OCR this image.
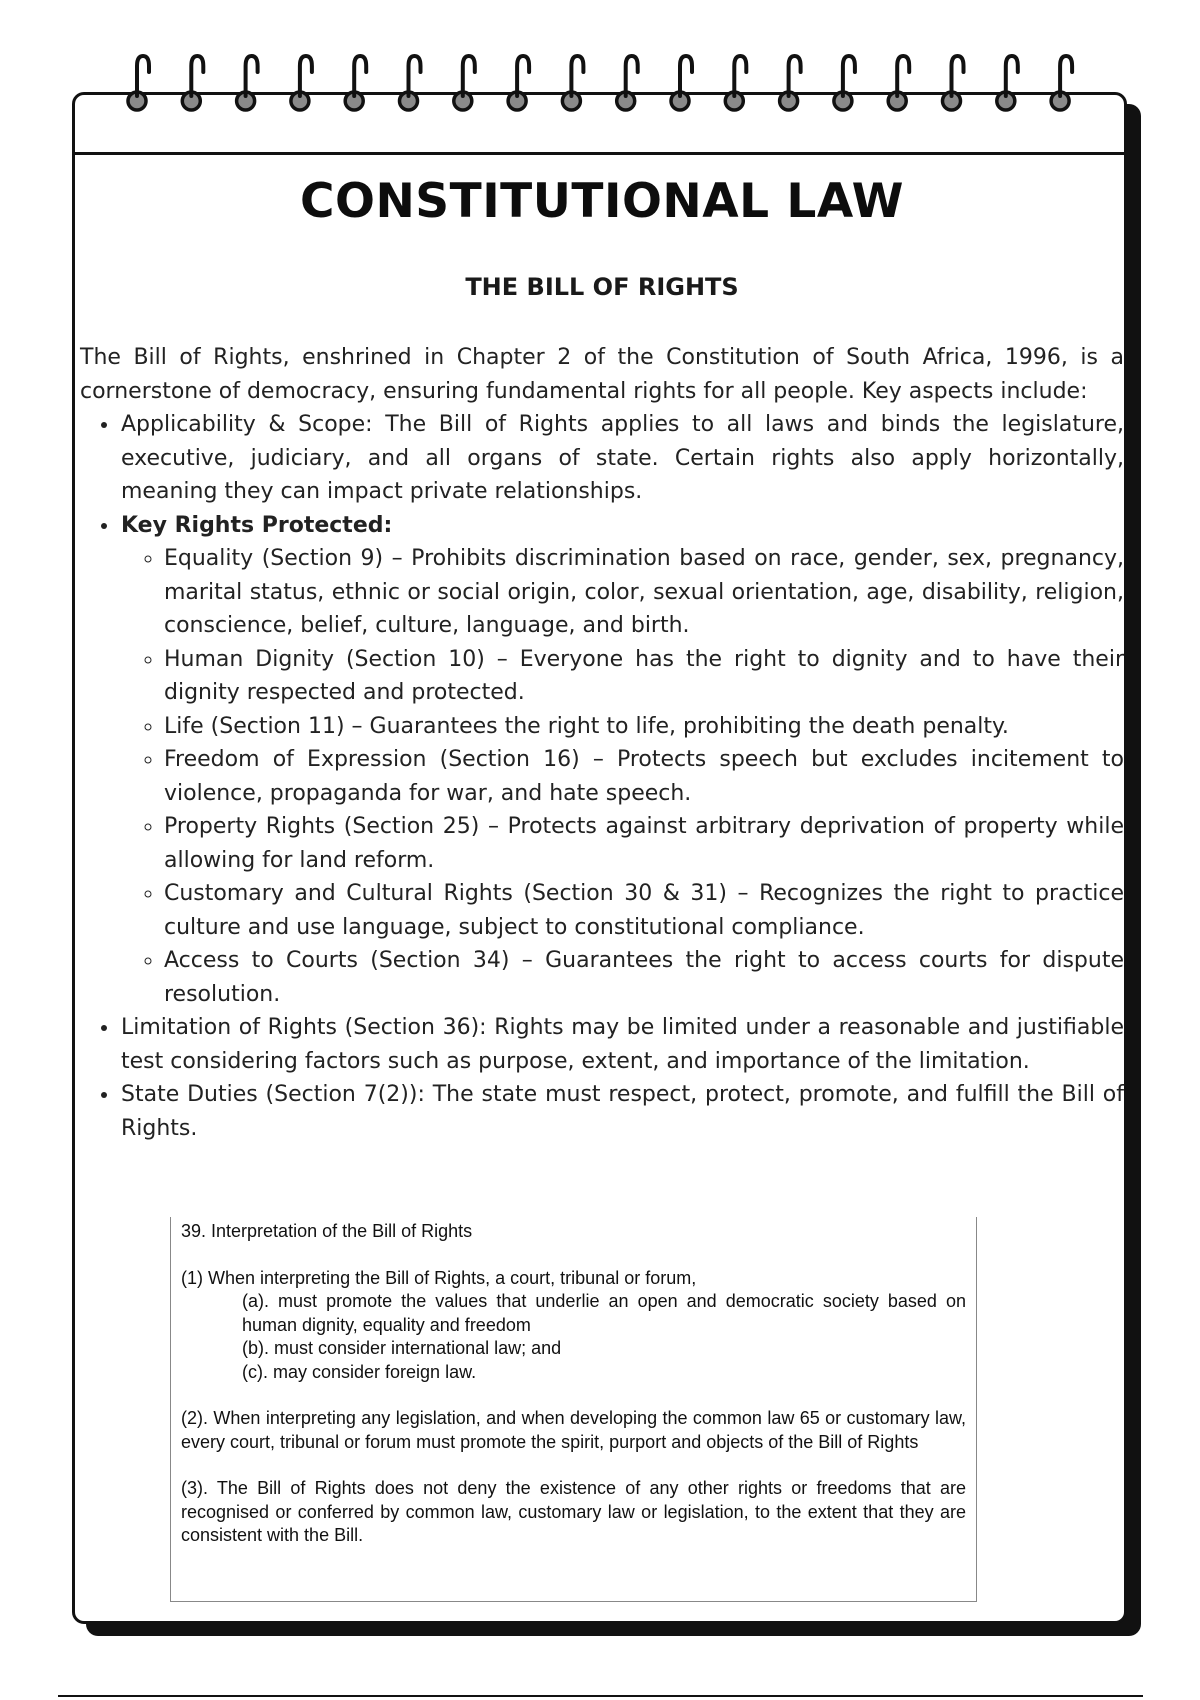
CONSTITUTIONAL LAW
THE BILL OF RIGHTS

The Bill of Rights, enshrined in Chapter 2 of the Constitution of South Africa, 1996, is a cornerstone of democracy, ensuring fundamental rights for all people. Key aspects include:

• Applicability & Scope: The Bill of Rights applies to all laws and binds the legislature, executive, judiciary, and all organs of state. Certain rights also apply horizontally, meaning they can impact private relationships.
• Key Rights Protected:
◦ Equality (Section 9) – Prohibits discrimination based on race, gender, sex, pregnancy, marital status, ethnic or social origin, color, sexual orientation, age, disability, religion, conscience, belief, culture, language, and birth.
◦ Human Dignity (Section 10) – Everyone has the right to dignity and to have their dignity respected and protected.
◦ Life (Section 11) – Guarantees the right to life, prohibiting the death penalty.
◦ Freedom of Expression (Section 16) – Protects speech but excludes incitement to violence, propaganda for war, and hate speech.
◦ Property Rights (Section 25) – Protects against arbitrary deprivation of property while allowing for land reform.
◦ Customary and Cultural Rights (Section 30 & 31) – Recognizes the right to practice culture and use language, subject to constitutional compliance.
◦ Access to Courts (Section 34) – Guarantees the right to access courts for dispute resolution.
• Limitation of Rights (Section 36): Rights may be limited under a reasonable and justifiable test considering factors such as purpose, extent, and importance of the limitation.
• State Duties (Section 7(2)): The state must respect, protect, promote, and fulfill the Bill of Rights.

39. Interpretation of the Bill of Rights

(1) When interpreting the Bill of Rights, a court, tribunal or forum,

(a). must promote the values that underlie an open and democratic society based on human dignity, equality and freedom

(b). must consider international law; and

(c). may consider foreign law.

(2). When interpreting any legislation, and when developing the common law 65 or customary law, every court, tribunal or forum must promote the spirit, purport and objects of the Bill of Rights

(3). The Bill of Rights does not deny the existence of any other rights or freedoms that are recognised or conferred by common law, customary law or legislation, to the extent that they are consistent with the Bill.
